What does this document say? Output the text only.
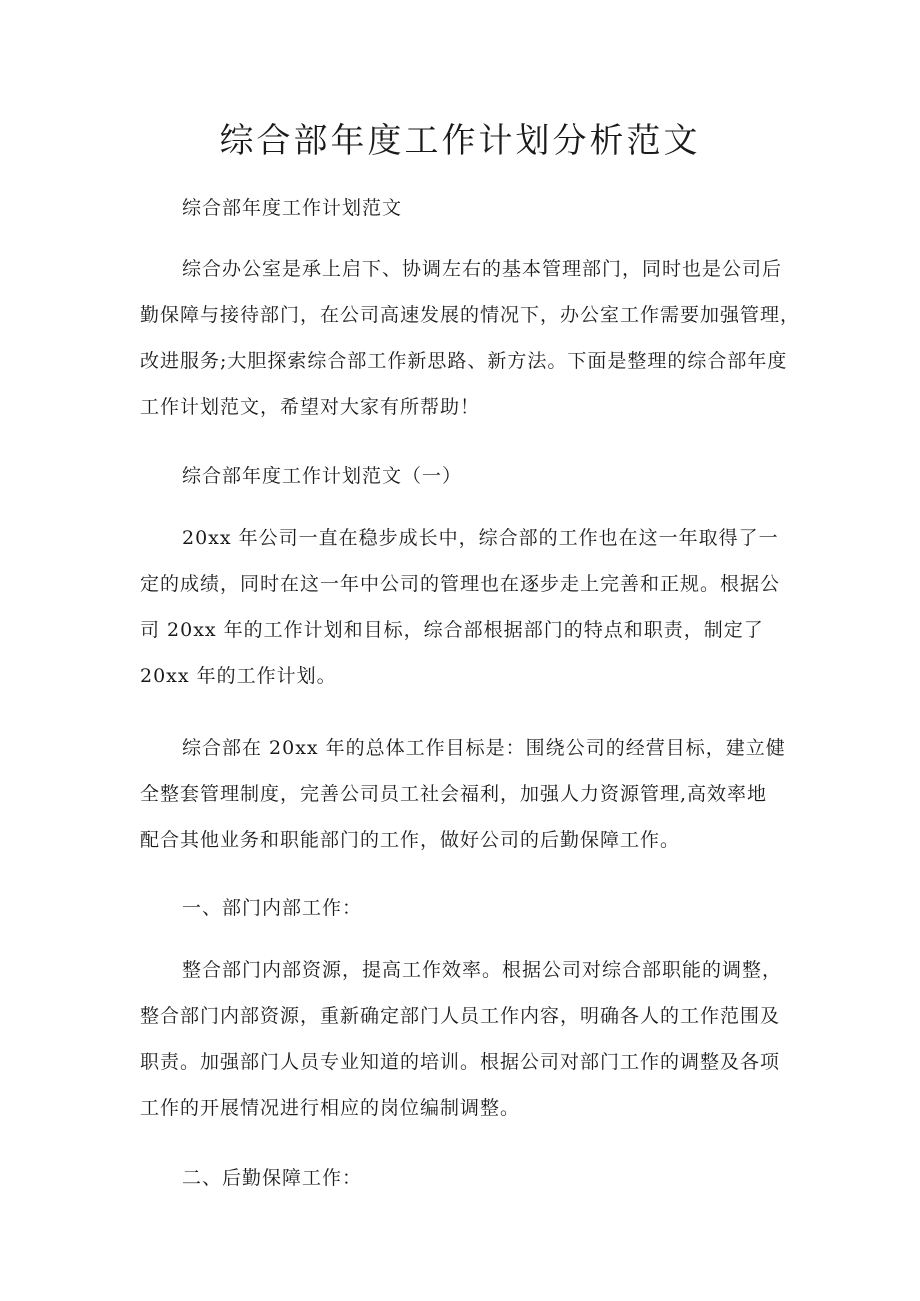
综合部年度工作计划分析范文

综合部年度工作计划范文

综合办公室是承上启下、协调左右的基本管理部门，同时也是公司后
勤保障与接待部门，在公司高速发展的情况下，办公室工作需要加强管理，
改进服务;大胆探索综合部工作新思路、新方法。下面是整理的综合部年度
工作计划范文，希望对大家有所帮助！

综合部年度工作计划范文（一）

20xx 年公司一直在稳步成长中，综合部的工作也在这一年取得了一
定的成绩，同时在这一年中公司的管理也在逐步走上完善和正规。根据公
司 20xx 年的工作计划和目标，综合部根据部门的特点和职责，制定了
20xx 年的工作计划。
综合部在 20xx 年的总体工作目标是：围绕公司的经营目标，建立健
全整套管理制度，完善公司员工社会福利，加强人力资源管理,高效率地
配合其他业务和职能部门的工作，做好公司的后勤保障工作。

一、部门内部工作：

整合部门内部资源，提高工作效率。根据公司对综合部职能的调整，
整合部门内部资源，重新确定部门人员工作内容，明确各人的工作范围及
职责。加强部门人员专业知道的培训。根据公司对部门工作的调整及各项
工作的开展情况进行相应的岗位编制调整。

二、后勤保障工作：
